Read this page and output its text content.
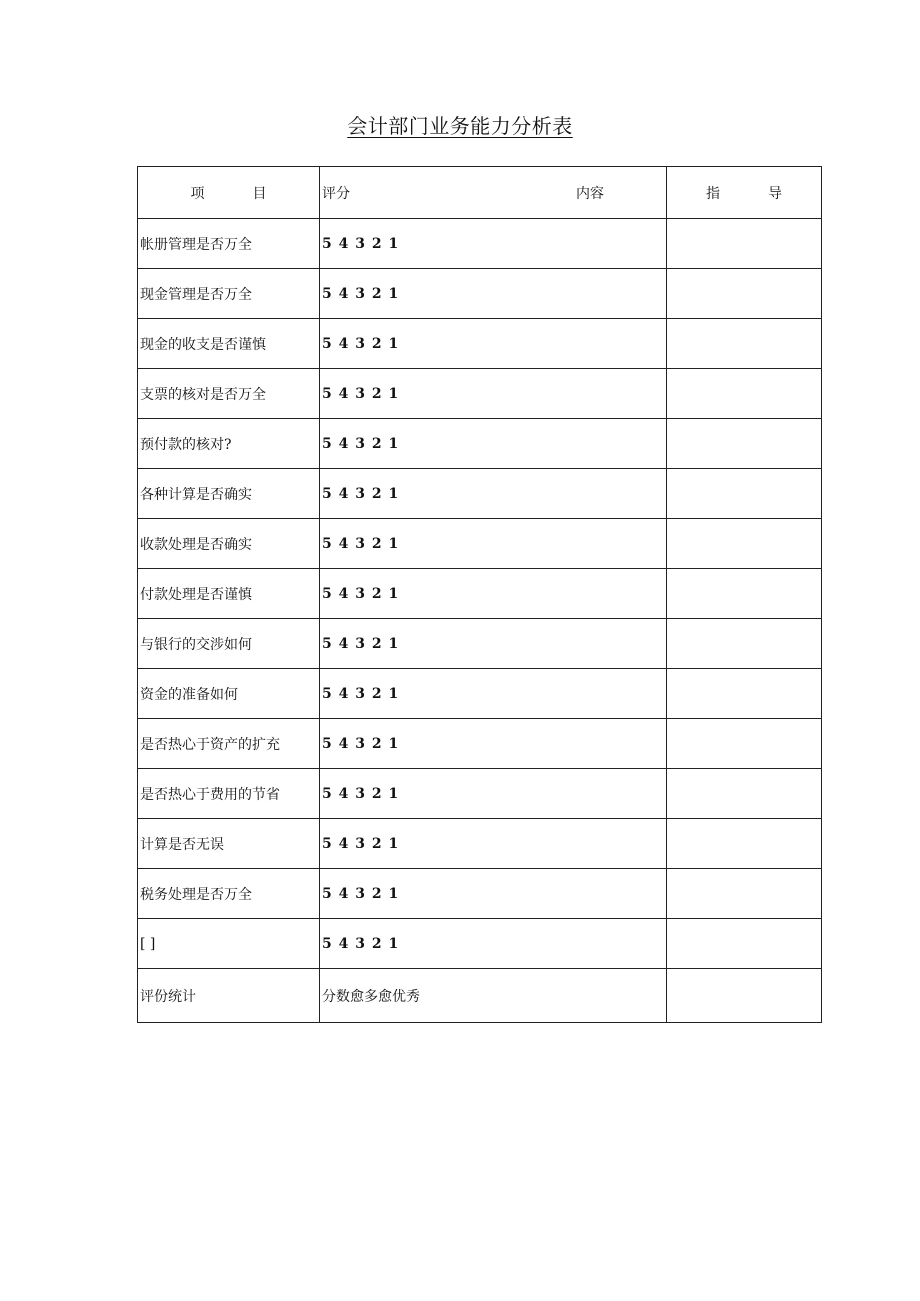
会计部门业务能力分析表
项 目	评分 内容	指 导
帐册管理是否万全	5 4 3 2 1	
现金管理是否万全	5 4 3 2 1	
现金的收支是否谨慎	5 4 3 2 1	
支票的核对是否万全	5 4 3 2 1	
预付款的核对?	5 4 3 2 1	
各种计算是否确实	5 4 3 2 1	
收款处理是否确实	5 4 3 2 1	
付款处理是否谨慎	5 4 3 2 1	
与银行的交涉如何	5 4 3 2 1	
资金的准备如何	5 4 3 2 1	
是否热心于资产的扩充	5 4 3 2 1	
是否热心于费用的节省	5 4 3 2 1	
计算是否无误	5 4 3 2 1	
税务处理是否万全	5 4 3 2 1	
[ ]	5 4 3 2 1	
评份统计	分数愈多愈优秀	
